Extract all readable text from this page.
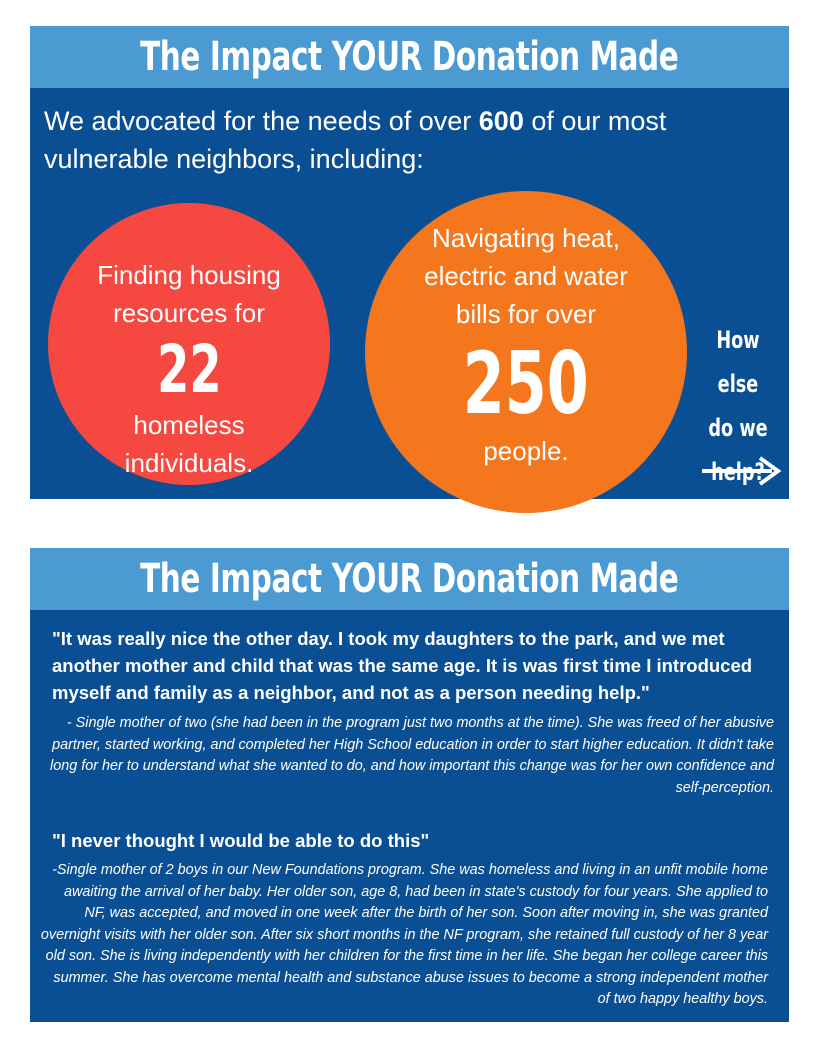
The Impact YOUR Donation Made
We advocated for the needs of over 600 of our most vulnerable neighbors, including:
Finding housing
resources for
22
homeless
individuals.
Navigating heat,
electric and water
bills for over
250
people.
How else
do we
help?
The Impact YOUR Donation Made
"It was really nice the other day. I took my daughters to the park, and we met another mother and child that was the same age. It is was first time I introduced myself and family as a neighbor, and not as a person needing help."
- Single mother of two (she had been in the program just two months at the time). She was freed of her abusive partner, started working, and completed her High School education in order to start higher education. It didn't take long for her to understand what she wanted to do, and how important this change was for her own confidence and self-perception.
"I never thought I would be able to do this"
-Single mother of 2 boys in our New Foundations program. She was homeless and living in an unfit mobile home awaiting the arrival of her baby. Her older son, age 8, had been in state's custody for four years. She applied to NF, was accepted, and moved in one week after the birth of her son. Soon after moving in, she was granted overnight visits with her older son. After six short months in the NF program, she retained full custody of her 8 year old son. She is living independently with her children for the first time in her life. She began her college career this summer. She has overcome mental health and substance abuse issues to become a strong independent mother of two happy healthy boys.
